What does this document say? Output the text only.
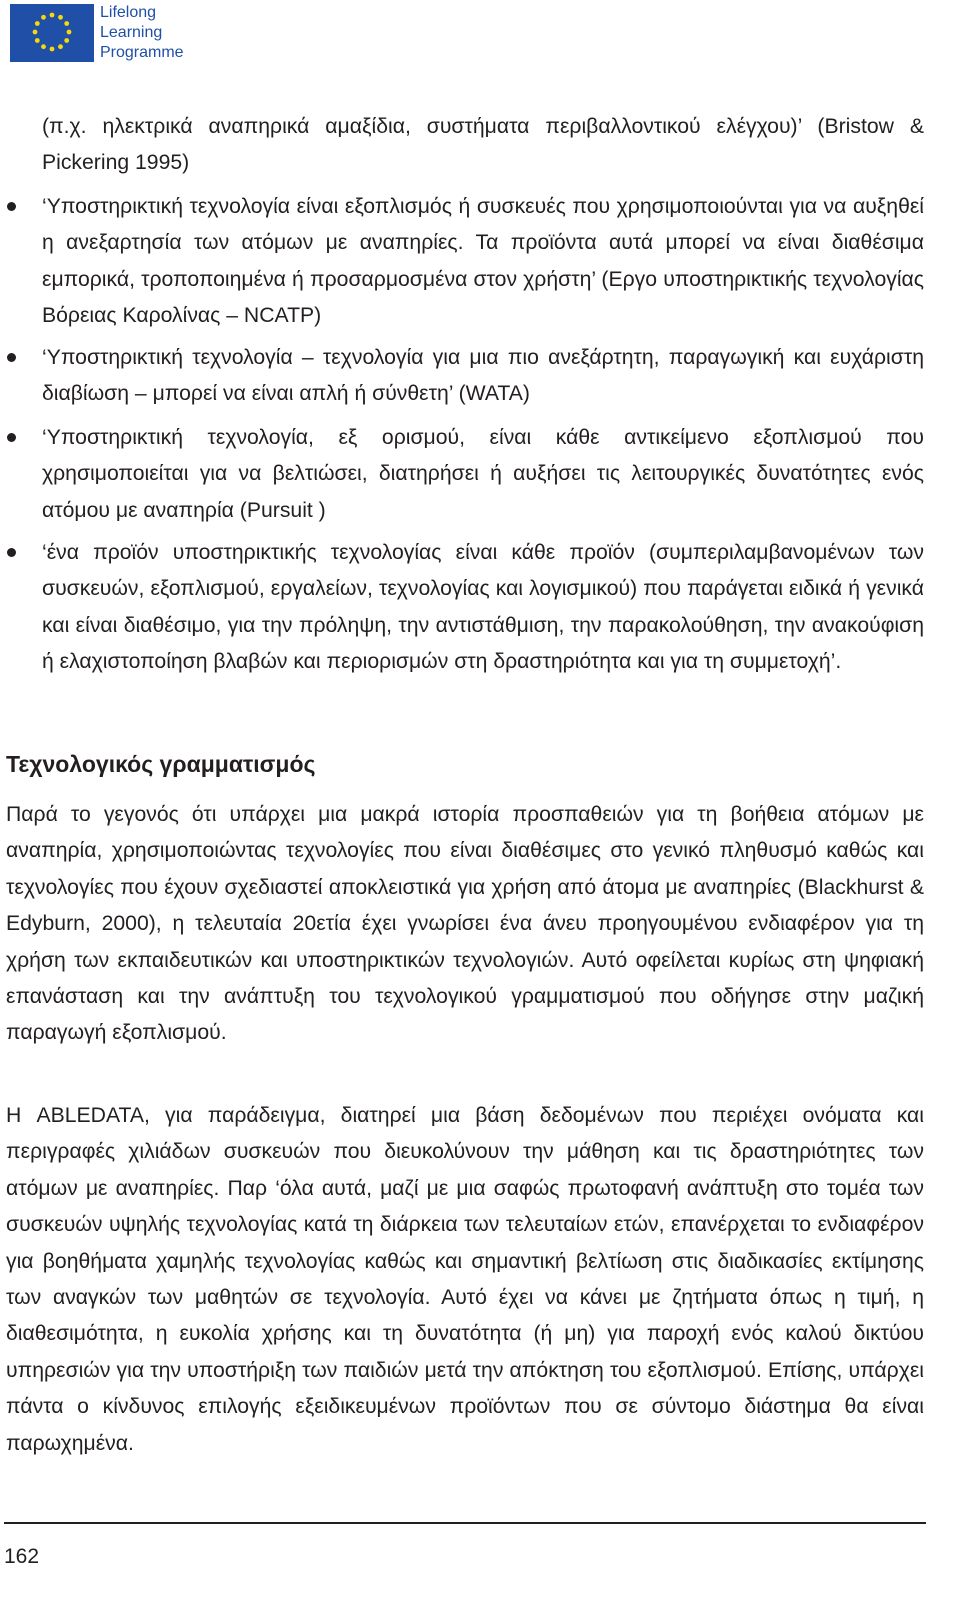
Lifelong
Learning
Programme

(π.χ. ηλεκτρικά αναπηρικά αμαξίδια, συστήματα περιβαλλοντικού ελέγχου)’ (Bristow & Pickering 1995)

‘Υποστηρικτική τεχνολογία είναι εξοπλισμός ή συσκευές που χρησιμοποιούνται για να αυξηθεί η ανεξαρτησία των ατόμων με αναπηρίες. Τα προϊόντα αυτά μπορεί να είναι διαθέσιμα εμπορικά, τροποποιημένα ή προσαρμοσμένα στον χρήστη’ (Εργο υποστηρικτικής τεχνολογίας Βόρειας Καρολίνας – NCATP)

‘Υποστηρικτική τεχνολογία – τεχνολογία για μια πιο ανεξάρτητη, παραγωγική και ευχάριστη διαβίωση – μπορεί να είναι απλή ή σύνθετη’ (WATA)

‘Υποστηρικτική τεχνολογία, εξ ορισμού, είναι κάθε αντικείμενο εξοπλισμού που χρησιμοποιείται για να βελτιώσει, διατηρήσει ή αυξήσει τις λειτουργικές δυνατότητες ενός ατόμου με αναπηρία (Pursuit )

‘ένα προϊόν υποστηρικτικής τεχνολογίας είναι κάθε προϊόν (συμπεριλαμβανομένων των συσκευών, εξοπλισμού, εργαλείων, τεχνολογίας και λογισμικού) που παράγεται ειδικά ή γενικά και είναι διαθέσιμο, για την πρόληψη, την αντιστάθμιση, την παρακολούθηση, την ανακούφιση ή ελαχιστοποίηση βλαβών και περιορισμών στη δραστηριότητα και για τη συμμετοχή’.

Τεχνολογικός γραμματισμός

Παρά το γεγονός ότι υπάρχει μια μακρά ιστορία προσπαθειών για τη βοήθεια ατόμων με αναπηρία, χρησιμοποιώντας τεχνολογίες που είναι διαθέσιμες στο γενικό πληθυσμό καθώς και τεχνολογίες που έχουν σχεδιαστεί αποκλειστικά για χρήση από άτομα με αναπηρίες (Blackhurst & Edyburn, 2000), η τελευταία 20ετία έχει γνωρίσει ένα άνευ προηγουμένου ενδιαφέρον για τη χρήση των εκπαιδευτικών και υποστηρικτικών τεχνολογιών. Αυτό οφείλεται κυρίως στη ψηφιακή επανάσταση και την ανάπτυξη του τεχνολογικού γραμματισμού που οδήγησε στην μαζική παραγωγή εξοπλισμού.

Η ABLEDATA, για παράδειγμα, διατηρεί μια βάση δεδομένων που περιέχει ονόματα και περιγραφές χιλιάδων συσκευών που διευκολύνουν την μάθηση και τις δραστηριότητες των ατόμων με αναπηρίες. Παρ ‘όλα αυτά, μαζί με μια σαφώς πρωτοφανή ανάπτυξη στο τομέα των συσκευών υψηλής τεχνολογίας κατά τη διάρκεια των τελευταίων ετών, επανέρχεται το ενδιαφέρον για βοηθήματα χαμηλής τεχνολογίας καθώς και σημαντική βελτίωση στις διαδικασίες εκτίμησης των αναγκών των μαθητών σε τεχνολογία. Αυτό έχει να κάνει με ζητήματα όπως η τιμή, η διαθεσιμότητα, η ευκολία χρήσης και τη δυνατότητα (ή μη) για παροχή ενός καλού δικτύου υπηρεσιών για την υποστήριξη των παιδιών μετά την απόκτηση του εξοπλισμού. Επίσης, υπάρχει πάντα ο κίνδυνος επιλογής εξειδικευμένων προϊόντων που σε σύντομο διάστημα θα είναι παρωχημένα.

162
